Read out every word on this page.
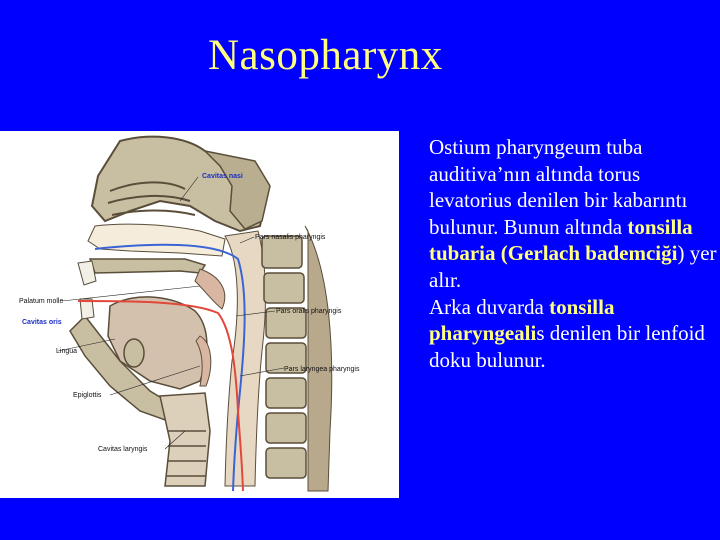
Nasopharynx
Cavitas nasi
Pars nasalis pharyngis
Palatum molle
Cavitas oris
Pars oralis pharyngis
Lingua
Pars laryngea pharyngis
Epiglottis
Cavitas laryngis

Ostium pharyngeum tuba auditiva’nın altında torus levatorius denilen bir kabarıntı bulunur. Bunun altında tonsilla tubaria (Gerlach bademciği) yer alır.

Arka duvarda tonsilla pharyngealis denilen bir lenfoid doku bulunur.
